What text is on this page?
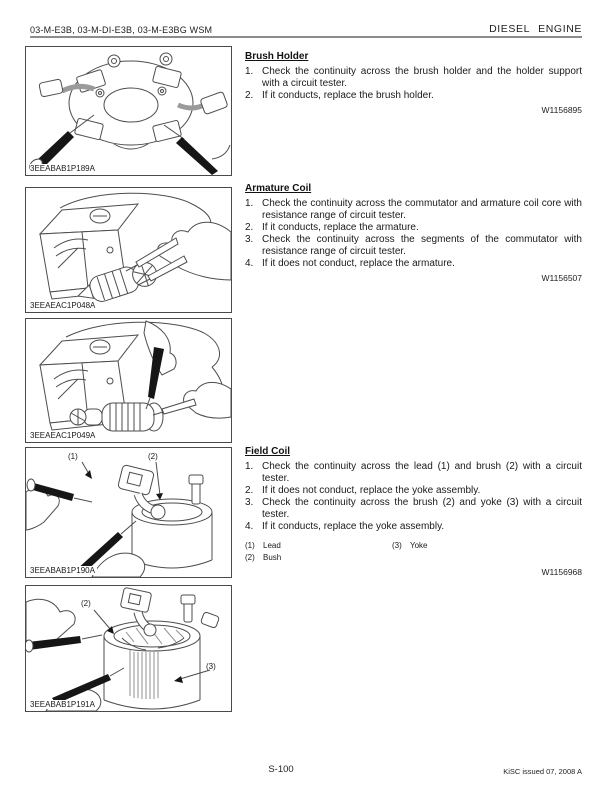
03-M-E3B, 03-M-DI-E3B, 03-M-E3BG WSM	DIESEL ENGINE
3EEABAB1P189A
3EEAEAC1P048A
3EEAEAC1P049A
(1)	(2)
3EEABAB1P190A
(2)
(3)
3EEABAB1P191A
Brush Holder
1. Check the continuity across the brush holder and the holder support with a circuit tester.
2. If it conducts, replace the brush holder.
W1156895
Armature Coil
1. Check the continuity across the commutator and armature coil core with resistance range of circuit tester.
2. If it conducts, replace the armature.
3. Check the continuity across the segments of the commutator with resistance range of circuit tester.
4. If it does not conduct, replace the armature.
W1156507
Field Coil
1. Check the continuity across the lead (1) and brush (2) with a circuit tester.
2. If it does not conduct, replace the yoke assembly.
3. Check the continuity across the brush (2) and yoke (3) with a circuit tester.
4. If it conducts, replace the yoke assembly.
(1)	Lead
(2)	Bush
(3)	Yoke
W1156968
S-100	KiSC issued 07, 2008 A
